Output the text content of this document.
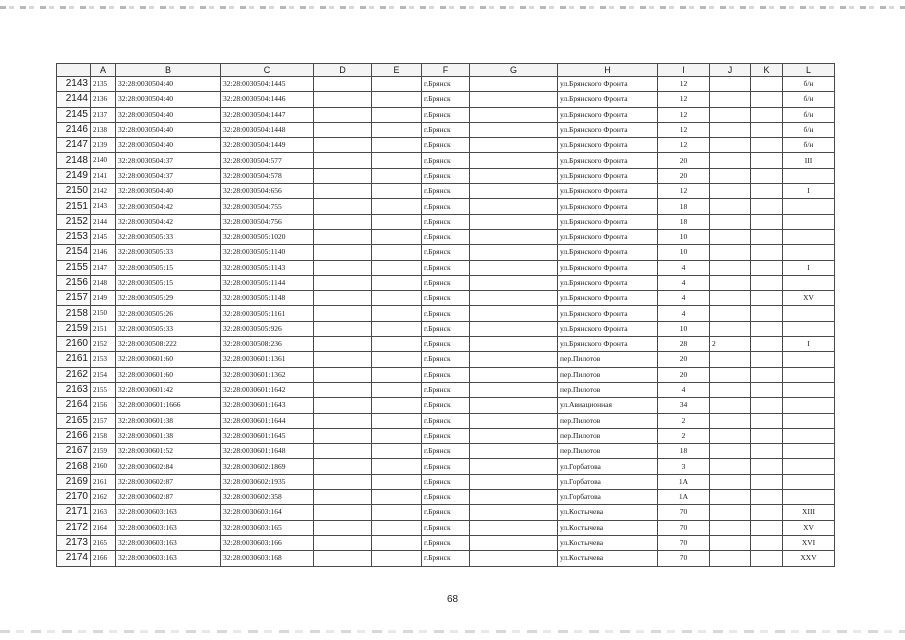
	A	B	C	D	E	F	G	H	I	J	K	L
2143	2135	32:28:0030504:40	32:28:0030504:1445			г.Брянск		ул.Брянского Фронта	12			б/н
2144	2136	32:28:0030504:40	32:28:0030504:1446			г.Брянск		ул.Брянского Фронта	12			б/н
2145	2137	32:28:0030504:40	32:28:0030504:1447			г.Брянск		ул.Брянского Фронта	12			б/н
2146	2138	32:28:0030504:40	32:28:0030504:1448			г.Брянск		ул.Брянского Фронта	12			б/н
2147	2139	32:28:0030504:40	32:28:0030504:1449			г.Брянск		ул.Брянского Фронта	12			б/н
2148	2140	32:28:0030504:37	32:28:0030504:577			г.Брянск		ул.Брянского Фронта	20			III
2149	2141	32:28:0030504:37	32:28:0030504:578			г.Брянск		ул.Брянского Фронта	20			
2150	2142	32:28:0030504:40	32:28:0030504:656			г.Брянск		ул.Брянского Фронта	12			I
2151	2143	32:28:0030504:42	32:28:0030504:755			г.Брянск		ул.Брянского Фронта	18			
2152	2144	32:28:0030504:42	32:28:0030504:756			г.Брянск		ул.Брянского Фронта	18			
2153	2145	32:28:0030505:33	32:28:0030505:1020			г.Брянск		ул.Брянского Фронта	10			
2154	2146	32:28:0030505:33	32:28:0030505:1140			г.Брянск		ул.Брянского Фронта	10			
2155	2147	32:28:0030505:15	32:28:0030505:1143			г.Брянск		ул.Брянского Фронта	4			I
2156	2148	32:28:0030505:15	32:28:0030505:1144			г.Брянск		ул.Брянского Фронта	4			
2157	2149	32:28:0030505:29	32:28:0030505:1148			г.Брянск		ул.Брянского Фронта	4			XV
2158	2150	32:28:0030505:26	32:28:0030505:1161			г.Брянск		ул.Брянского Фронта	4			
2159	2151	32:28:0030505:33	32:28:0030505:926			г.Брянск		ул.Брянского Фронта	10			
2160	2152	32:28:0030508:222	32:28:0030508:236			г.Брянск		ул.Брянского Фронта	28	2		I
2161	2153	32:28:0030601:60	32:28:0030601:1361			г.Брянск		пер.Пилотов	20			
2162	2154	32:28:0030601:60	32:28:0030601:1362			г.Брянск		пер.Пилотов	20			
2163	2155	32:28:0030601:42	32:28:0030601:1642			г.Брянск		пер.Пилотов	4			
2164	2156	32:28:0030601:1666	32:28:0030601:1643			г.Брянск		ул.Авиационная	34			
2165	2157	32:28:0030601:38	32:28:0030601:1644			г.Брянск		пер.Пилотов	2			
2166	2158	32:28:0030601:38	32:28:0030601:1645			г.Брянск		пер.Пилотов	2			
2167	2159	32:28:0030601:52	32:28:0030601:1648			г.Брянск		пер.Пилотов	18			
2168	2160	32:28:0030602:84	32:28:0030602:1869			г.Брянск		ул.Горбатова	3			
2169	2161	32:28:0030602:87	32:28:0030602:1935			г.Брянск		ул.Горбатова	1А			
2170	2162	32:28:0030602:87	32:28:0030602:358			г.Брянск		ул.Горбатова	1А			
2171	2163	32:28:0030603:163	32:28:0030603:164			г.Брянск		ул.Костычева	70			XIII
2172	2164	32:28:0030603:163	32:28:0030603:165			г.Брянск		ул.Костычева	70			XV
2173	2165	32:28:0030603:163	32:28:0030603:166			г.Брянск		ул.Костычева	70			XVI
2174	2166	32:28:0030603:163	32:28:0030603:168			г.Брянск		ул.Костычева	70			XXV
68
